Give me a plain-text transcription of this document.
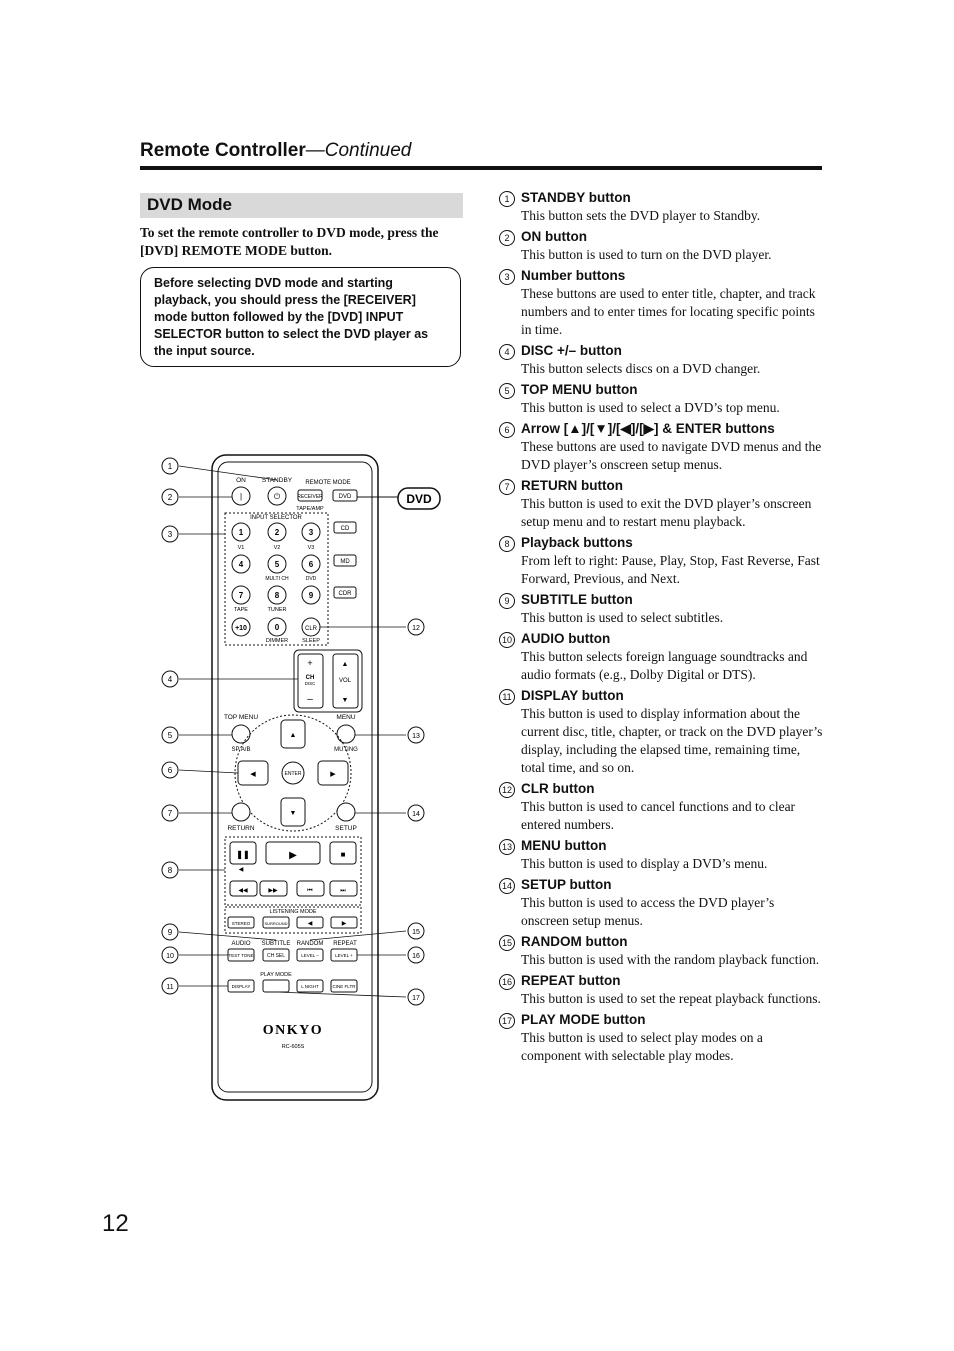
Remote Controller—Continued
DVD Mode
To set the remote controller to DVD mode, press the [DVD] REMOTE MODE button.
Before selecting DVD mode and starting playback, you should press the [RECEIVER] mode button followed by the [DVD] INPUT SELECTOR button to select the DVD player as the input source.
ON STANDBY REMOTE MODE
|	⏻	RECEIVER	DVD
TAPE/AMP
INPUT SELECTOR
1	2	3
V1	V2	V3
4	5	6
MULTI CH	DVD
7	8	9
TAPE	TUNER
+10	0	CLR
DIMMER	SLEEP
CD
MD
CDR
+
CH
DISC
–
▲
VOL
▼
TOP MENU	MENU
SP A/B	MUTING
▲
▼
◀	▶
ENTER
RETURN	SETUP
❚❚	▶	■
◀
◀◀	▶▶	⏮	⏭
LISTENING MODE
STEREO	SURROUND	◀	▶
AUDIO SUBTITLE RANDOM REPEAT
TEST TONE	CH SEL	LEVEL –	LEVEL +
PLAY MODE
DISPLAY	L NIGHT	CINE FLTR
ONKYO
RC-605S
DVD
1
2
3
4
5
6
7
8
9
10
11
12
13
14
15
16
17
1 STANDBY button
This button sets the DVD player to Standby.
2 ON button
This button is used to turn on the DVD player.
3 Number buttons
These buttons are used to enter title, chapter, and track numbers and to enter times for locating specific points in time.
4 DISC +/– button
This button selects discs on a DVD changer.
5 TOP MENU button
This button is used to select a DVD’s top menu.
6 Arrow [▲]/[▼]/[◀]/[▶] & ENTER buttons
These buttons are used to navigate DVD menus and the DVD player’s onscreen setup menus.
7 RETURN button
This button is used to exit the DVD player’s onscreen setup menu and to restart menu playback.
8 Playback buttons
From left to right: Pause, Play, Stop, Fast Reverse, Fast Forward, Previous, and Next.
9 SUBTITLE button
This button is used to select subtitles.
10 AUDIO button
This button selects foreign language soundtracks and audio formats (e.g., Dolby Digital or DTS).
11 DISPLAY button
This button is used to display information about the current disc, title, chapter, or track on the DVD player’s display, including the elapsed time, remaining time, total time, and so on.
12 CLR button
This button is used to cancel functions and to clear entered numbers.
13 MENU button
This button is used to display a DVD’s menu.
14 SETUP button
This button is used to access the DVD player’s onscreen setup menus.
15 RANDOM button
This button is used with the random playback function.
16 REPEAT button
This button is used to set the repeat playback functions.
17 PLAY MODE button
This button is used to select play modes on a component with selectable play modes.
12
